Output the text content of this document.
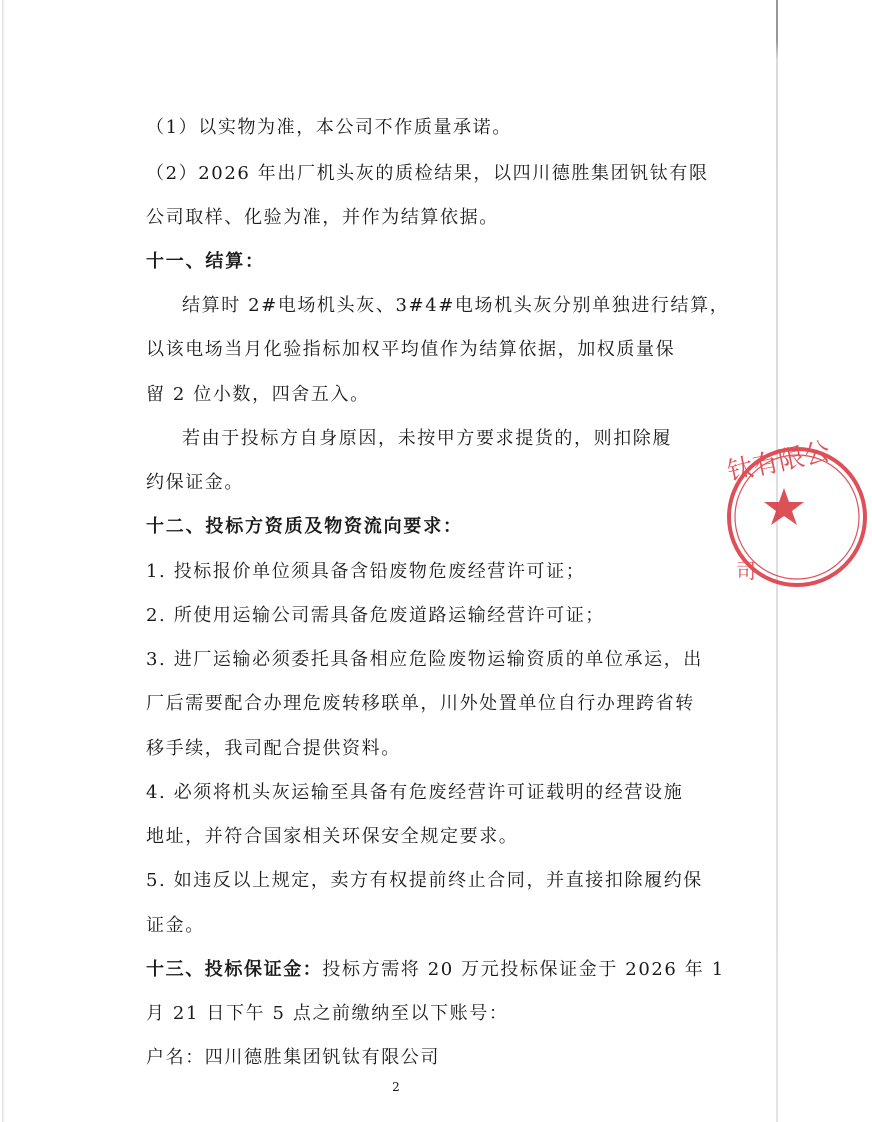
（1）以实物为准，本公司不作质量承诺。
（2）2026 年出厂机头灰的质检结果，以四川德胜集团钒钛有限
公司取样、化验为准，并作为结算依据。
十一、结算：
结算时 2#电场机头灰、3#4#电场机头灰分别单独进行结算，
以该电场当月化验指标加权平均值作为结算依据，加权质量保
留 2 位小数，四舍五入。
若由于投标方自身原因，未按甲方要求提货的，则扣除履
约保证金。
十二、投标方资质及物资流向要求：
1. 投标报价单位须具备含铅废物危废经营许可证；
2. 所使用运输公司需具备危废道路运输经营许可证；
3. 进厂运输必须委托具备相应危险废物运输资质的单位承运，出
厂后需要配合办理危废转移联单，川外处置单位自行办理跨省转
移手续，我司配合提供资料。
4. 必须将机头灰运输至具备有危废经营许可证载明的经营设施
地址，并符合国家相关环保安全规定要求。
5. 如违反以上规定，卖方有权提前终止合同，并直接扣除履约保
证金。
十三、投标保证金：投标方需将 20 万元投标保证金于 2026 年 1
月 21 日下午 5 点之前缴纳至以下账号：
户名：四川德胜集团钒钛有限公司
2
钛有限公
司
